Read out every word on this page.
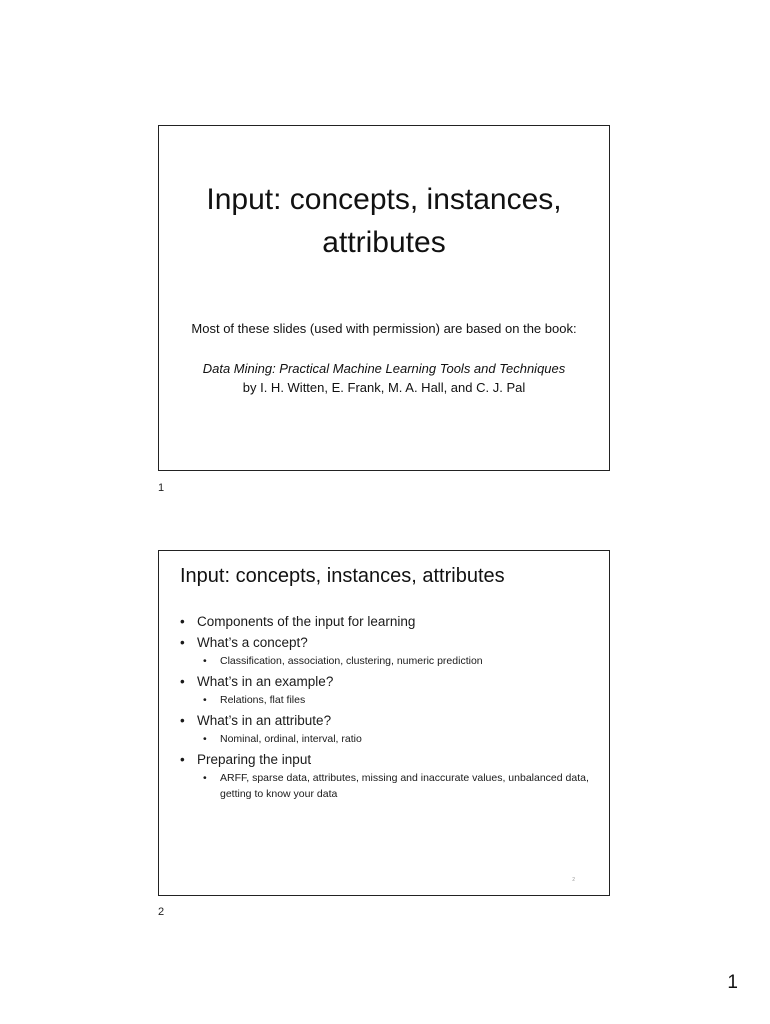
Input: concepts, instances,
attributes
Most of these slides (used with permission) are based on the book:
Data Mining: Practical Machine Learning Tools and Techniques
by I. H. Witten, E. Frank, M. A. Hall, and C. J. Pal
1
Input: concepts, instances, attributes
• Components of the input for learning
• What’s a concept?
• Classification, association, clustering, numeric prediction
• What’s in an example?
• Relations, flat files
• What’s in an attribute?
• Nominal, ordinal, interval, ratio
• Preparing the input
• ARFF, sparse data, attributes, missing and inaccurate values, unbalanced data, getting to know your data
2
2
1
